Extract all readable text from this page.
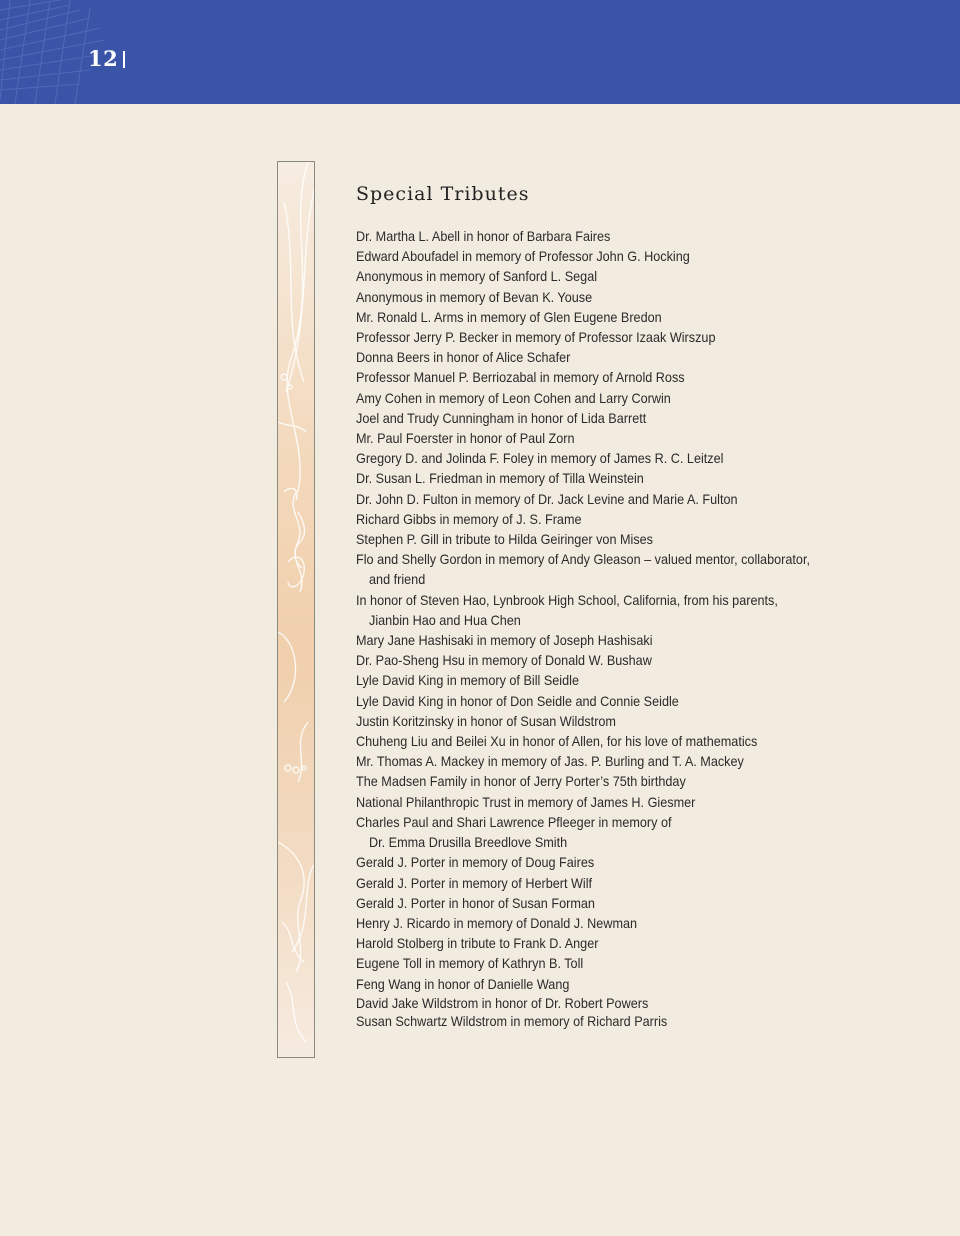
12
Special Tributes
Dr. Martha L. Abell in honor of Barbara Faires
Edward Aboufadel in memory of Professor John G. Hocking
Anonymous in memory of Sanford L. Segal
Anonymous in memory of Bevan K. Youse
Mr. Ronald L. Arms in memory of Glen Eugene Bredon
Professor Jerry P. Becker in memory of Professor Izaak Wirszup
Donna Beers in honor of Alice Schafer
Professor Manuel P. Berriozabal in memory of Arnold Ross
Amy Cohen in memory of Leon Cohen and Larry Corwin
Joel and Trudy Cunningham in honor of Lida Barrett
Mr. Paul Foerster in honor of Paul Zorn
Gregory D. and Jolinda F. Foley in memory of James R. C. Leitzel
Dr. Susan L. Friedman in memory of Tilla Weinstein
Dr. John D. Fulton in memory of Dr. Jack Levine and Marie A. Fulton
Richard Gibbs in memory of J. S. Frame
Stephen P. Gill in tribute to Hilda Geiringer von Mises
Flo and Shelly Gordon in memory of Andy Gleason – valued mentor, collaborator,
and friend
In honor of Steven Hao, Lynbrook High School, California, from his parents,
Jianbin Hao and Hua Chen
Mary Jane Hashisaki in memory of Joseph Hashisaki
Dr. Pao-Sheng Hsu in memory of Donald W. Bushaw
Lyle David King in memory of Bill Seidle
Lyle David King in honor of Don Seidle and Connie Seidle
Justin Koritzinsky in honor of Susan Wildstrom
Chuheng Liu and Beilei Xu in honor of Allen, for his love of mathematics
Mr. Thomas A. Mackey in memory of Jas. P. Burling and T. A. Mackey
The Madsen Family in honor of Jerry Porter’s 75th birthday
National Philanthropic Trust in memory of James H. Giesmer
Charles Paul and Shari Lawrence Pfleeger in memory of
Dr. Emma Drusilla Breedlove Smith
Gerald J. Porter in memory of Doug Faires
Gerald J. Porter in memory of Herbert Wilf
Gerald J. Porter in honor of Susan Forman
Henry J. Ricardo in memory of Donald J. Newman
Harold Stolberg in tribute to Frank D. Anger
Eugene Toll in memory of Kathryn B. Toll
Feng Wang in honor of Danielle Wang
David Jake Wildstrom in honor of Dr. Robert Powers
Susan Schwartz Wildstrom in memory of Richard Parris
